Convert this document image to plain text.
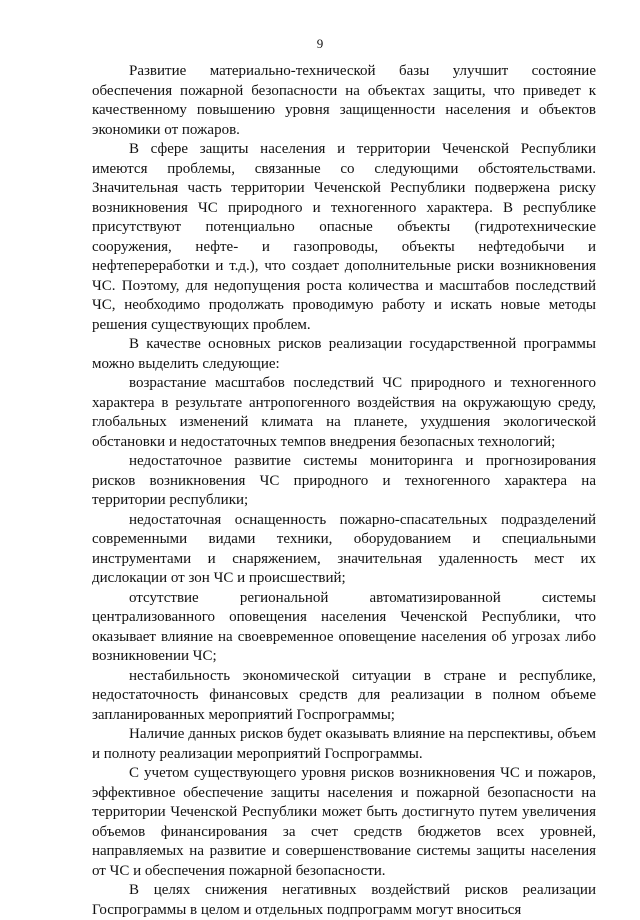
9

Развитие материально-технической базы улучшит состояние обеспечения пожарной безопасности на объектах защиты, что приведет к качественному повышению уровня защищенности населения и объектов экономики от пожаров.

В сфере защиты населения и территории Чеченской Республики имеются проблемы, связанные со следующими обстоятельствами. Значительная часть территории Чеченской Республики подвержена риску возникновения ЧС природного и техногенного характера. В республике присутствуют потенциально опасные объекты (гидротехнические сооружения, нефте- и газопроводы, объекты нефтедобычи и нефтепереработки и т.д.), что создает дополнительные риски возникновения ЧС. Поэтому, для недопущения роста количества и масштабов последствий ЧС, необходимо продолжать проводимую работу и искать новые методы решения существующих проблем.

В качестве основных рисков реализации государственной программы можно выделить следующие:

возрастание масштабов последствий ЧС природного и техногенного характера в результате антропогенного воздействия на окружающую среду, глобальных изменений климата на планете, ухудшения экологической обстановки и недостаточных темпов внедрения безопасных технологий;

недостаточное развитие системы мониторинга и прогнозирования рисков возникновения ЧС природного и техногенного характера на территории республики;

недостаточная оснащенность пожарно-спасательных подразделений современными видами техники, оборудованием и специальными инструментами и снаряжением, значительная удаленность мест их дислокации от зон ЧС и происшествий;

отсутствие региональной автоматизированной системы централизованного оповещения населения Чеченской Республики, что оказывает влияние на своевременное оповещение населения об угрозах либо возникновении ЧС;

нестабильность экономической ситуации в стране и республике, недостаточность финансовых средств для реализации в полном объеме запланированных мероприятий Госпрограммы;

Наличие данных рисков будет оказывать влияние на перспективы, объем и полноту реализации мероприятий Госпрограммы.

С учетом существующего уровня рисков возникновения ЧС и пожаров, эффективное обеспечение защиты населения и пожарной безопасности на территории Чеченской Республики может быть достигнуто путем увеличения объемов финансирования за счет средств бюджетов всех уровней, направляемых на развитие и совершенствование системы защиты населения от ЧС и обеспечения пожарной безопасности.

В целях снижения негативных воздействий рисков реализации Госпрограммы в целом и отдельных подпрограмм могут вноситься
